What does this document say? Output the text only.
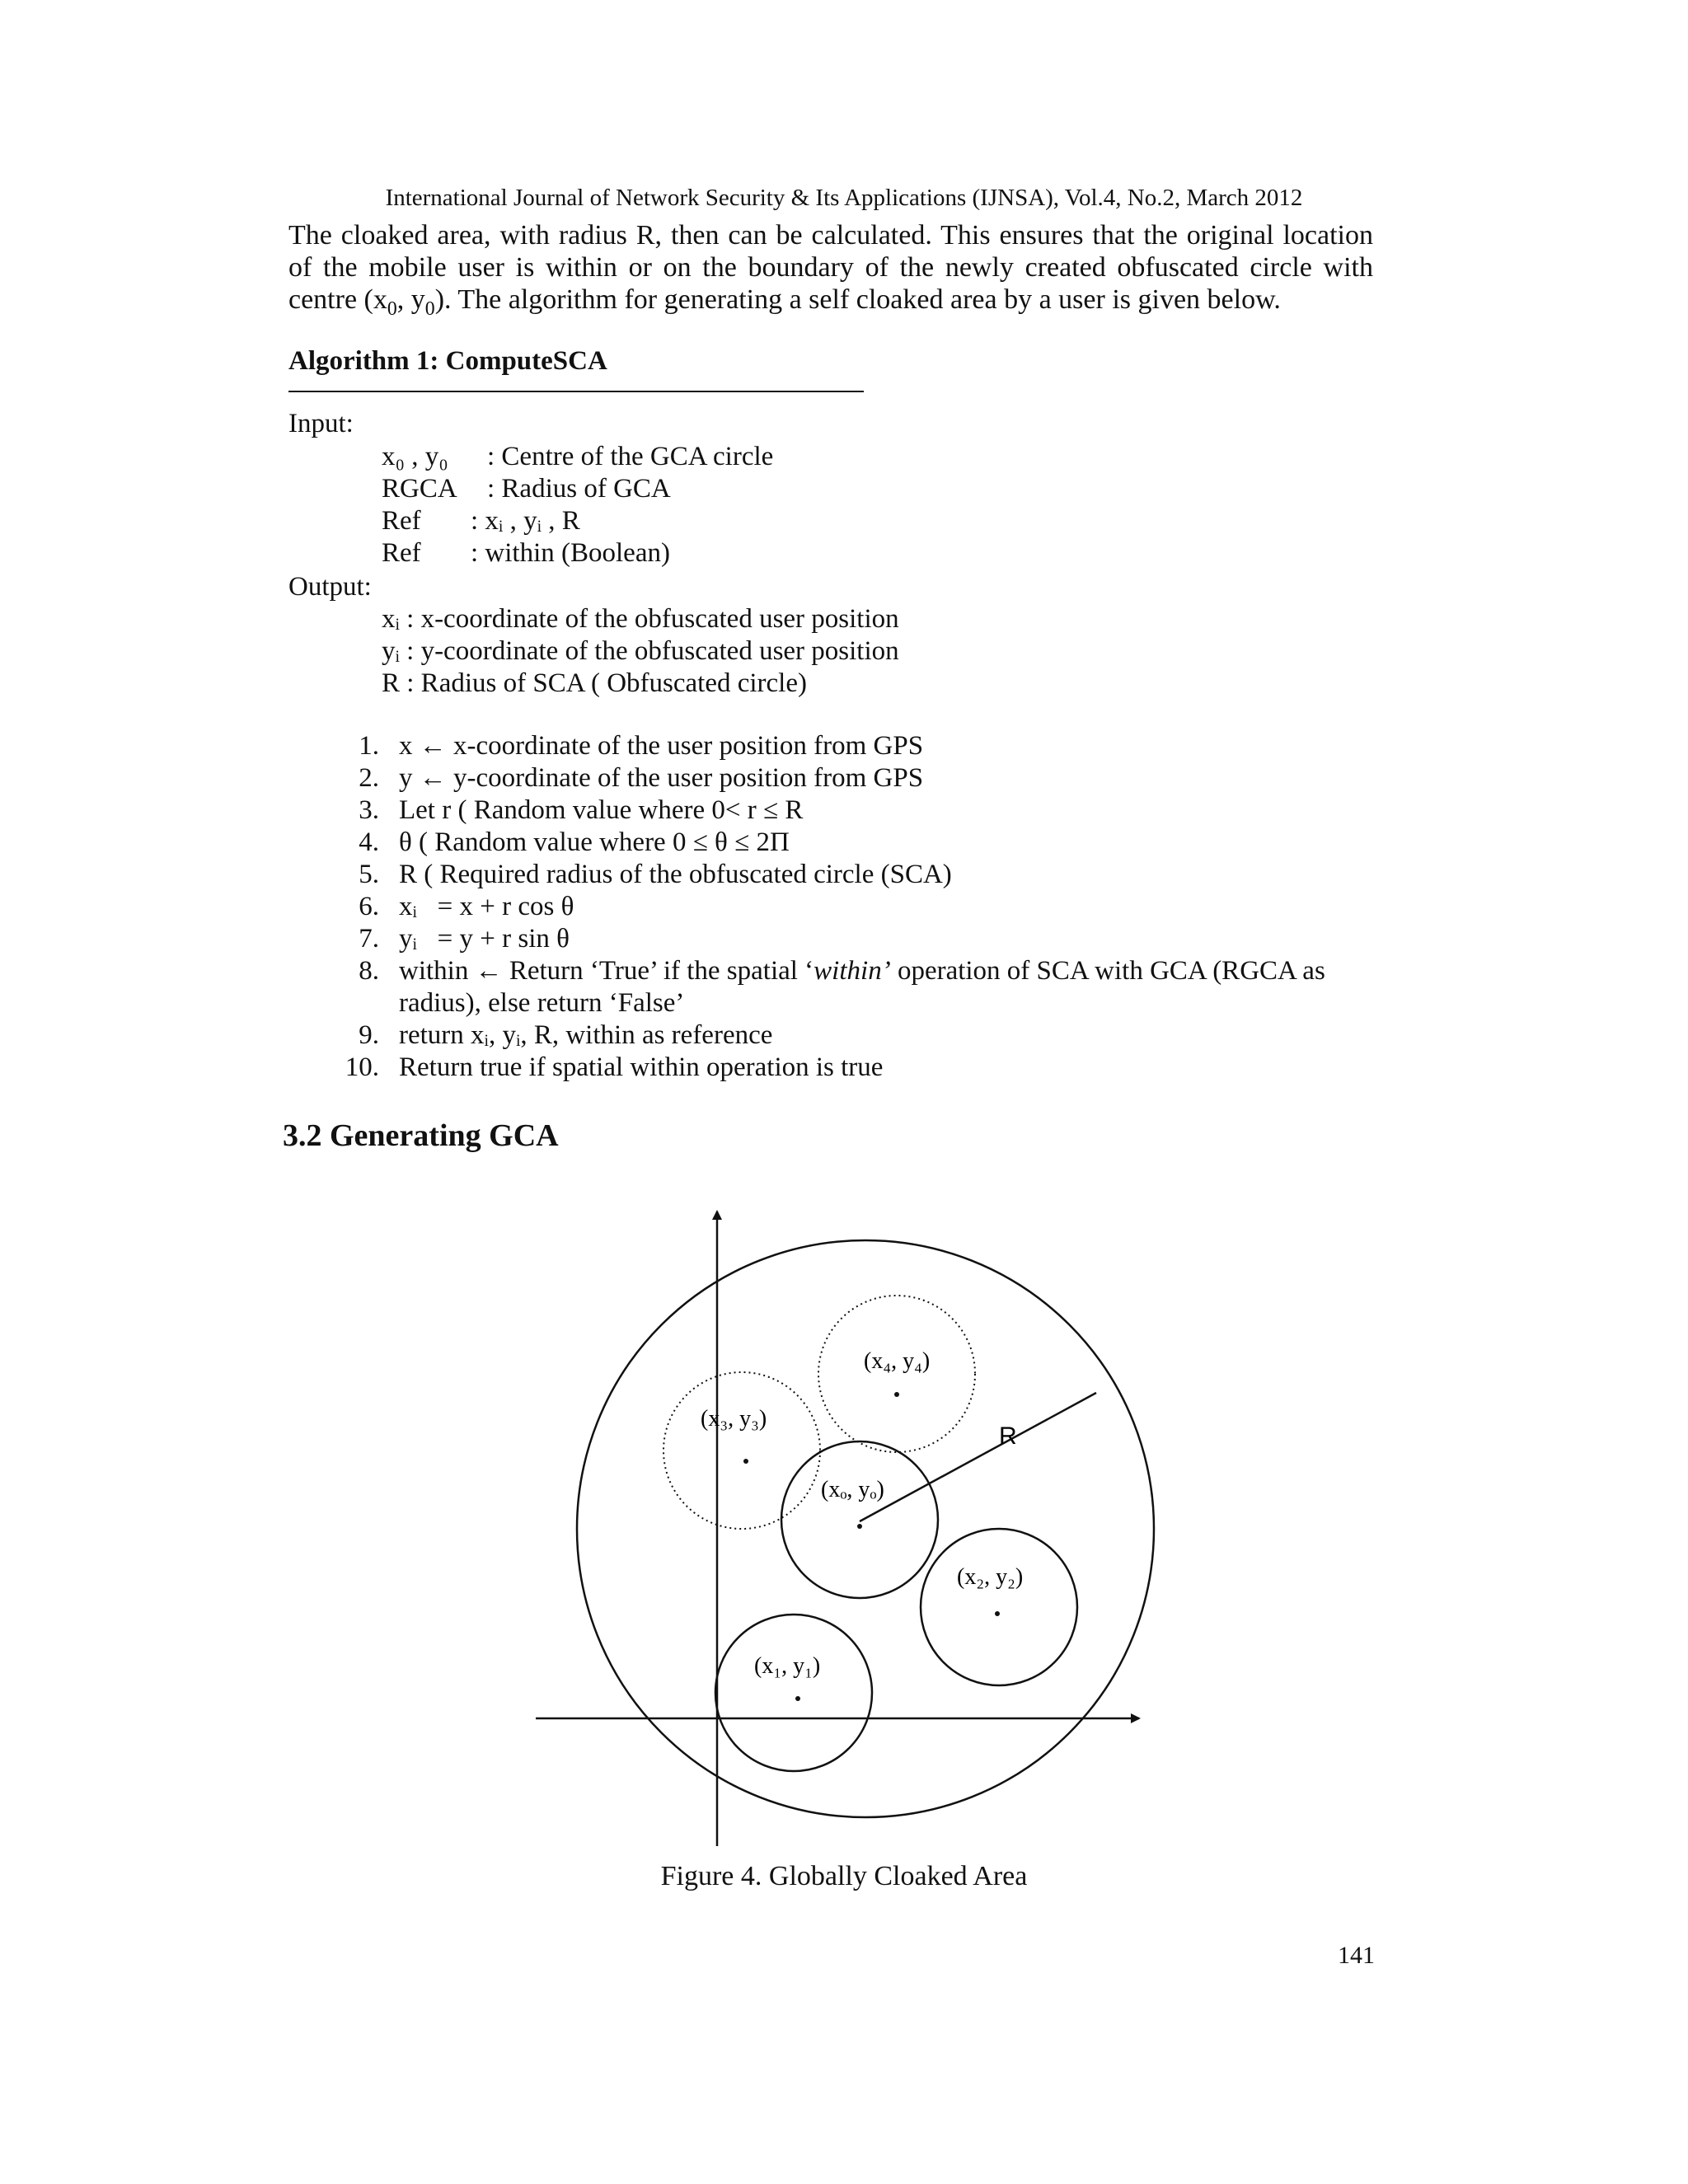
International Journal of Network Security & Its Applications (IJNSA), Vol.4, No.2, March 2012

The cloaked area, with radius R, then can be calculated. This ensures that the original location of the mobile user is within or on the boundary of the newly created obfuscated circle with centre ($x_0$, $y_0$). The algorithm for generating a self cloaked area by a user is given below.

Algorithm 1: ComputeSCA
Input:
x₀ , y₀ : Centre of the GCA circle
RGCA : Radius of GCA
Ref : xᵢ , yᵢ , R
Ref : within (Boolean)
Output:
xᵢ : x-coordinate of the obfuscated user position
yᵢ : y-coordinate of the obfuscated user position
R : Radius of SCA ( Obfuscated circle)
1. x ← x-coordinate of the user position from GPS
2. y ← y-coordinate of the user position from GPS
3. Let r ( Random value where 0< r ≤ R
4. θ ( Random value where 0 ≤ θ ≤ 2Π
5. R ( Required radius of the obfuscated circle (SCA)
6. xᵢ   = x + r cos θ
7. yᵢ   = y + r sin θ
8. within ← Return ‘True’ if the spatial ‘within’ operation of SCA with GCA (RGCA as radius), else return ‘False’
9. return xᵢ, yᵢ, R, within as reference
10. Return true if spatial within operation is true
3.2 Generating GCA
(x₄, y₄)
(x₃, y₃)
(xₒ, yₒ)
(x₂, y₂)
(x₁, y₁)
R
Figure 4. Globally Cloaked Area
141
